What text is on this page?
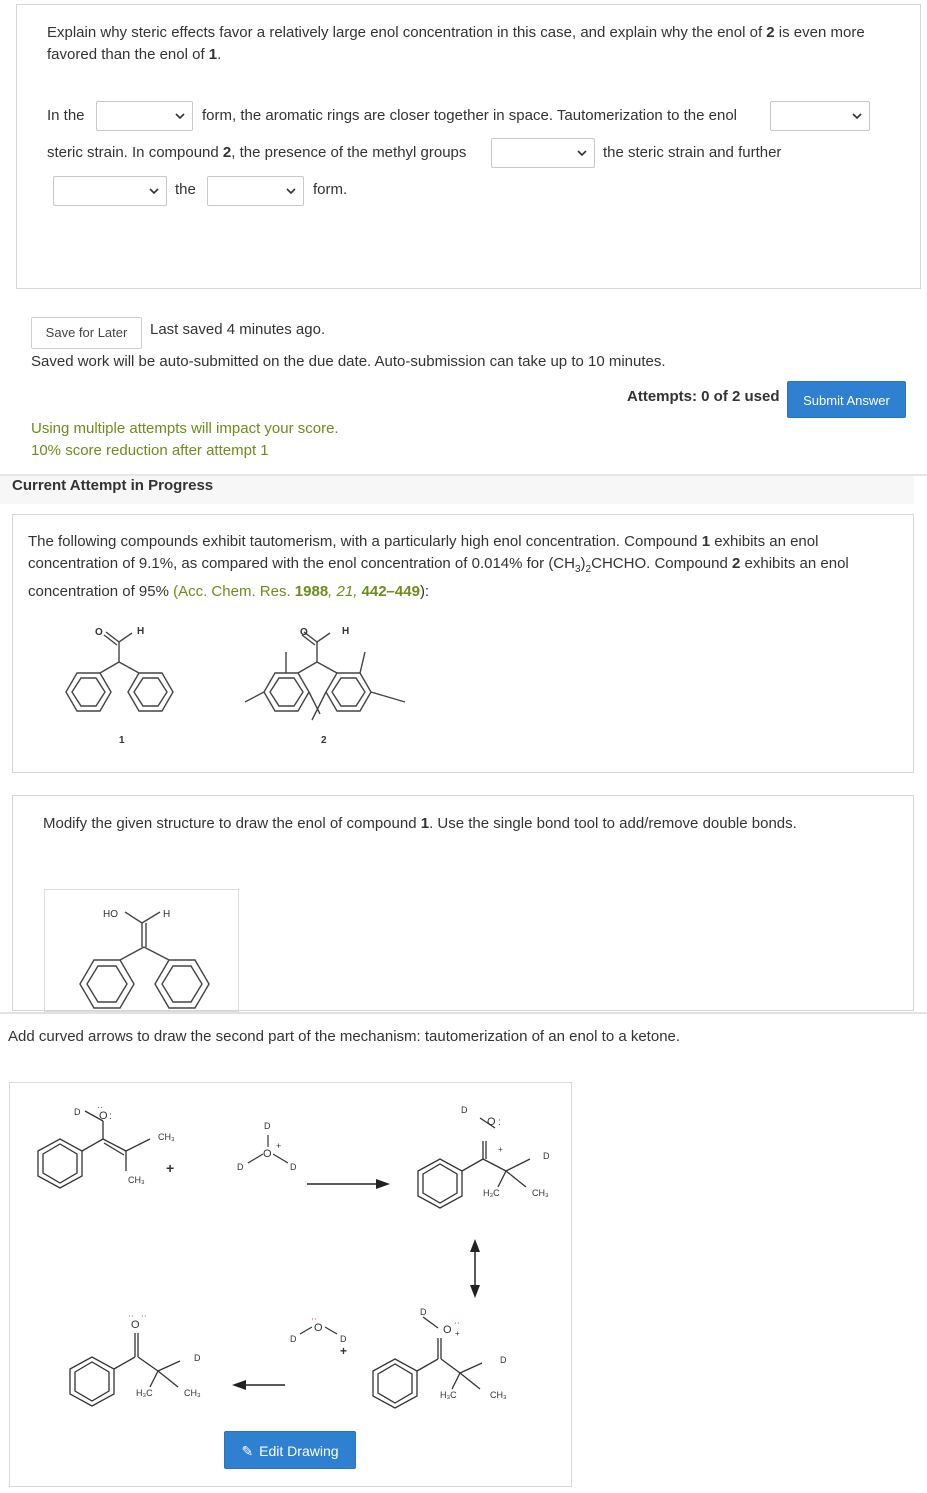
Explain why steric effects favor a relatively large enol concentration in this case, and explain why the enol of 2 is even more favored than the enol of 1.
In the	form, the aromatic rings are closer together in space. Tautomerization to the enol
steric strain. In compound 2, the presence of the methyl groups	the steric strain and further
the	form.
Save for Later	Last saved 4 minutes ago.
Saved work will be auto-submitted on the due date. Auto-submission can take up to 10 minutes.
Attempts: 0 of 2 used	Submit Answer
Using multiple attempts will impact your score.
10% score reduction after attempt 1
Current Attempt in Progress
The following compounds exhibit tautomerism, with a particularly high enol concentration. Compound 1 exhibits an enol concentration of 9.1%, as compared with the enol concentration of 0.014% for $(CH_3)_2CHCHO$. Compound 2 exhibits an enol concentration of 95% (Acc. Chem. Res. 1988, 21, 442–449):
O	H
1
O	H
2
Modify the given structure to draw the enol of compound 1. Use the single bond tool to add/remove double bonds.
HO	H
Add curved arrows to draw the second part of the mechanism: tautomerization of an enol to a ketone.
D O
⋅⋅
:
CH₃
CH₃
+
D
O
+
D	D
D
O :
+
D
H₃C	CH₃
D
O
⋅⋅
+
D
H₃C	CH₃
D
O
⋅⋅
D
+
O
⋅⋅ ⋅⋅
D
H₃C	CH₃
✎ Edit Drawing
